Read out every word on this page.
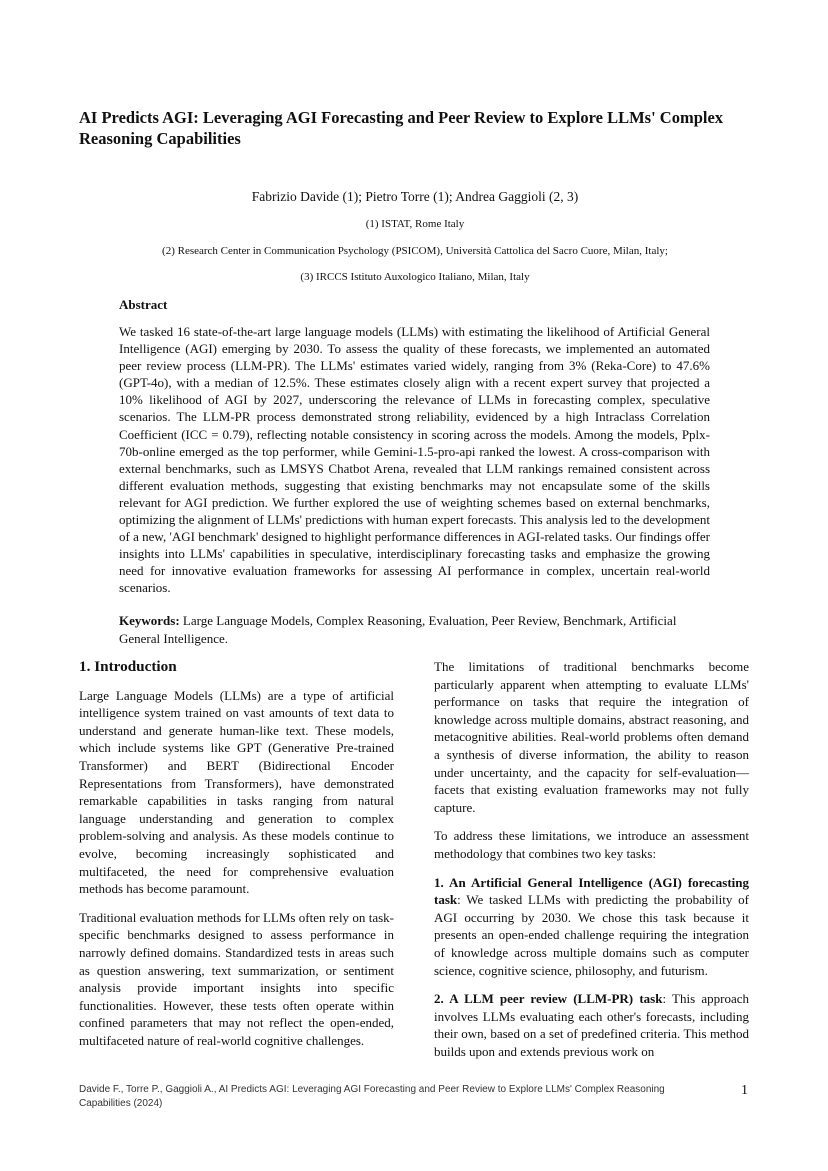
AI Predicts AGI: Leveraging AGI Forecasting and Peer Review to Explore LLMs' Complex Reasoning Capabilities

Fabrizio Davide (1); Pietro Torre (1); Andrea Gaggioli (2, 3)

(1) ISTAT, Rome Italy

(2) Research Center in Communication Psychology (PSICOM), Università Cattolica del Sacro Cuore, Milan, Italy;

(3) IRCCS Istituto Auxologico Italiano, Milan, Italy

Abstract

We tasked 16 state-of-the-art large language models (LLMs) with estimating the likelihood of Artificial General Intelligence (AGI) emerging by 2030. To assess the quality of these forecasts, we implemented an automated peer review process (LLM-PR). The LLMs' estimates varied widely, ranging from 3% (Reka-Core) to 47.6% (GPT-4o), with a median of 12.5%. These estimates closely align with a recent expert survey that projected a 10% likelihood of AGI by 2027, underscoring the relevance of LLMs in forecasting complex, speculative scenarios. The LLM-PR process demonstrated strong reliability, evidenced by a high Intraclass Correlation Coefficient (ICC = 0.79), reflecting notable consistency in scoring across the models. Among the models, Pplx-70b-online emerged as the top performer, while Gemini-1.5-pro-api ranked the lowest. A cross-comparison with external benchmarks, such as LMSYS Chatbot Arena, revealed that LLM rankings remained consistent across different evaluation methods, suggesting that existing benchmarks may not encapsulate some of the skills relevant for AGI prediction. We further explored the use of weighting schemes based on external benchmarks, optimizing the alignment of LLMs' predictions with human expert forecasts. This analysis led to the development of a new, 'AGI benchmark' designed to highlight performance differences in AGI-related tasks. Our findings offer insights into LLMs' capabilities in speculative, interdisciplinary forecasting tasks and emphasize the growing need for innovative evaluation frameworks for assessing AI performance in complex, uncertain real-world scenarios.

Keywords: Large Language Models, Complex Reasoning, Evaluation, Peer Review, Benchmark, Artificial General Intelligence.

1. Introduction

Large Language Models (LLMs) are a type of artificial intelligence system trained on vast amounts of text data to understand and generate human-like text. These models, which include systems like GPT (Generative Pre-trained Transformer) and BERT (Bidirectional Encoder Representations from Transformers), have demonstrated remarkable capabilities in tasks ranging from natural language understanding and generation to complex problem-solving and analysis. As these models continue to evolve, becoming increasingly sophisticated and multifaceted, the need for comprehensive evaluation methods has become paramount.

Traditional evaluation methods for LLMs often rely on task-specific benchmarks designed to assess performance in narrowly defined domains. Standardized tests in areas such as question answering, text summarization, or sentiment analysis provide important insights into specific functionalities. However, these tests often operate within confined parameters that may not reflect the open-ended, multifaceted nature of real-world cognitive challenges.

The limitations of traditional benchmarks become particularly apparent when attempting to evaluate LLMs' performance on tasks that require the integration of knowledge across multiple domains, abstract reasoning, and metacognitive abilities. Real-world problems often demand a synthesis of diverse information, the ability to reason under uncertainty, and the capacity for self-evaluation—facets that existing evaluation frameworks may not fully capture.

To address these limitations, we introduce an assessment methodology that combines two key tasks:

1. An Artificial General Intelligence (AGI) forecasting task: We tasked LLMs with predicting the probability of AGI occurring by 2030. We chose this task because it presents an open-ended challenge requiring the integration of knowledge across multiple domains such as computer science, cognitive science, philosophy, and futurism.

2. A LLM peer review (LLM-PR) task: This approach involves LLMs evaluating each other's forecasts, including their own, based on a set of predefined criteria. This method builds upon and extends previous work on

Davide F., Torre P., Gaggioli A., AI Predicts AGI: Leveraging AGI Forecasting and Peer Review to Explore LLMs' Complex Reasoning Capabilities (2024)

1
